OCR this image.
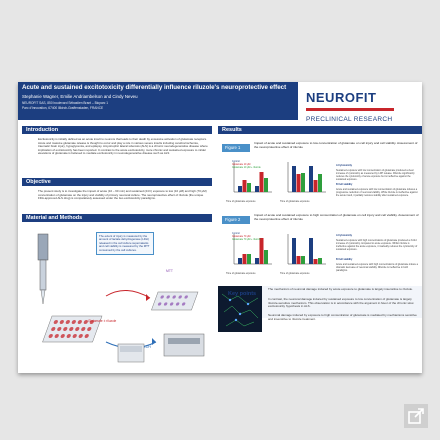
Acute and sustained excitotoxicity differentially influence riluzole's neuroprotective effect
Stephanie Wagner, Emilie Andriambelson and Cindy Neveu
NEUROFIT SAS, 850 boulevard Sébastien Brant – Bioparc 1
Parc d'Innovation, 67400 Illkirch-Graffenstaden, FRANCE
NEUROFIT
PRECLINICAL RESEARCH
Introduction
Excitotoxicity is initially defined as an acute insult to neurons that leads to their death by excessive activation of glutamate receptors. Acute and massive glutamate release is thought to occur and play a role in various severe insults including cerebral ischemia, traumatic brain injury, hypoglycemia, and epilepsy. Amyotrophic lateral sclerosis (ALS) is a chronic neurodegenerative disease where implication of excitotoxicity has been reported. In contrast to the acute excitotoxicity, more chronic and sustained exposure to milder elevations of glutamate is believed to mediate excitotoxicity in neurodegenerative disease such as ALS
Objective
The present study is to investigate the impact of acute (10 – 60 min) and sustained (24 h) exposure to low (10 µM) and high (70 µM) concentration of glutamate on the injury and viability of primary neuronal culture. The neuroprotective effect of riluzole (the unique FDA-approved ALS drug) is comparatively assessed under the two excitotoxicity paradigms.
Material and Methods
The extent of injury is measured by the amount of lactate dehydrogenase (LDH) released in the cell culture supernatants and cell viability is measured by the MTT consumed by the cell cultures.
MTT
Glutamate ± riluzole
LDH
Results
Figure 1
Impact of acute and sustained exposure to low concentration of glutamate on cell injury and cell viability. Assessment of the neuroprotective effect of riluzole
Time of glutamate exposure	Time of glutamate exposure
Control
Glutamate 10 µM
Glutamate 10 µM + riluzole
A Cytotoxicity
Sustained exposure with low concentration of glutamate produced a clear increase of cytotoxicity as measured by LDH release. Riluzole significantly reduces the cytotoxicity of acute exposure but is ineffective against the sustained exposure.
B Cell viability
Acute and sustained exposure with low concentration of glutamate induces a progressive reduction of neuronal viability. While riluzole is ineffective against the acute insult, it partially restores viability after sustained exposure.
Figure 2
Impact of acute and sustained exposure to high concentration of glutamate on cell injury and cell viability. Assessment of the neuroprotective effect of riluzole
Time of glutamate exposure	Time of glutamate exposure
Control
Glutamate 70 µM
Glutamate 70 µM + riluzole
A Cytotoxicity
Sustained exposure with high concentrations of glutamate produced a 3-fold increase of cytotoxicity compared to acute exposure. Whilst riluzole is ineffective against the acute exposure, it markedly reduces the cytotoxicity of sustained exposure.
B Cell viability
Acute and sustained exposure with high concentrations of glutamate induce a dramatic decrease of neuronal viability. Riluzole is ineffective in both paradigms.
Key points
The mechanism of neuronal damage induced by acute exposure to glutamate is largely insensitive to riluzole.
In contrast, the neuronal damage induced by sustained exposure to low concentration of glutamate is largely riluzole-sensitive mechanism. This observation is in accordance with the argument in favor of the chronic slow excitotoxicity hypothesis in ALS.
Neuronal damage induced by exposure to high concentration of glutamate is mediated by mechanisms sensitive and insensitive to riluzole treatment.
